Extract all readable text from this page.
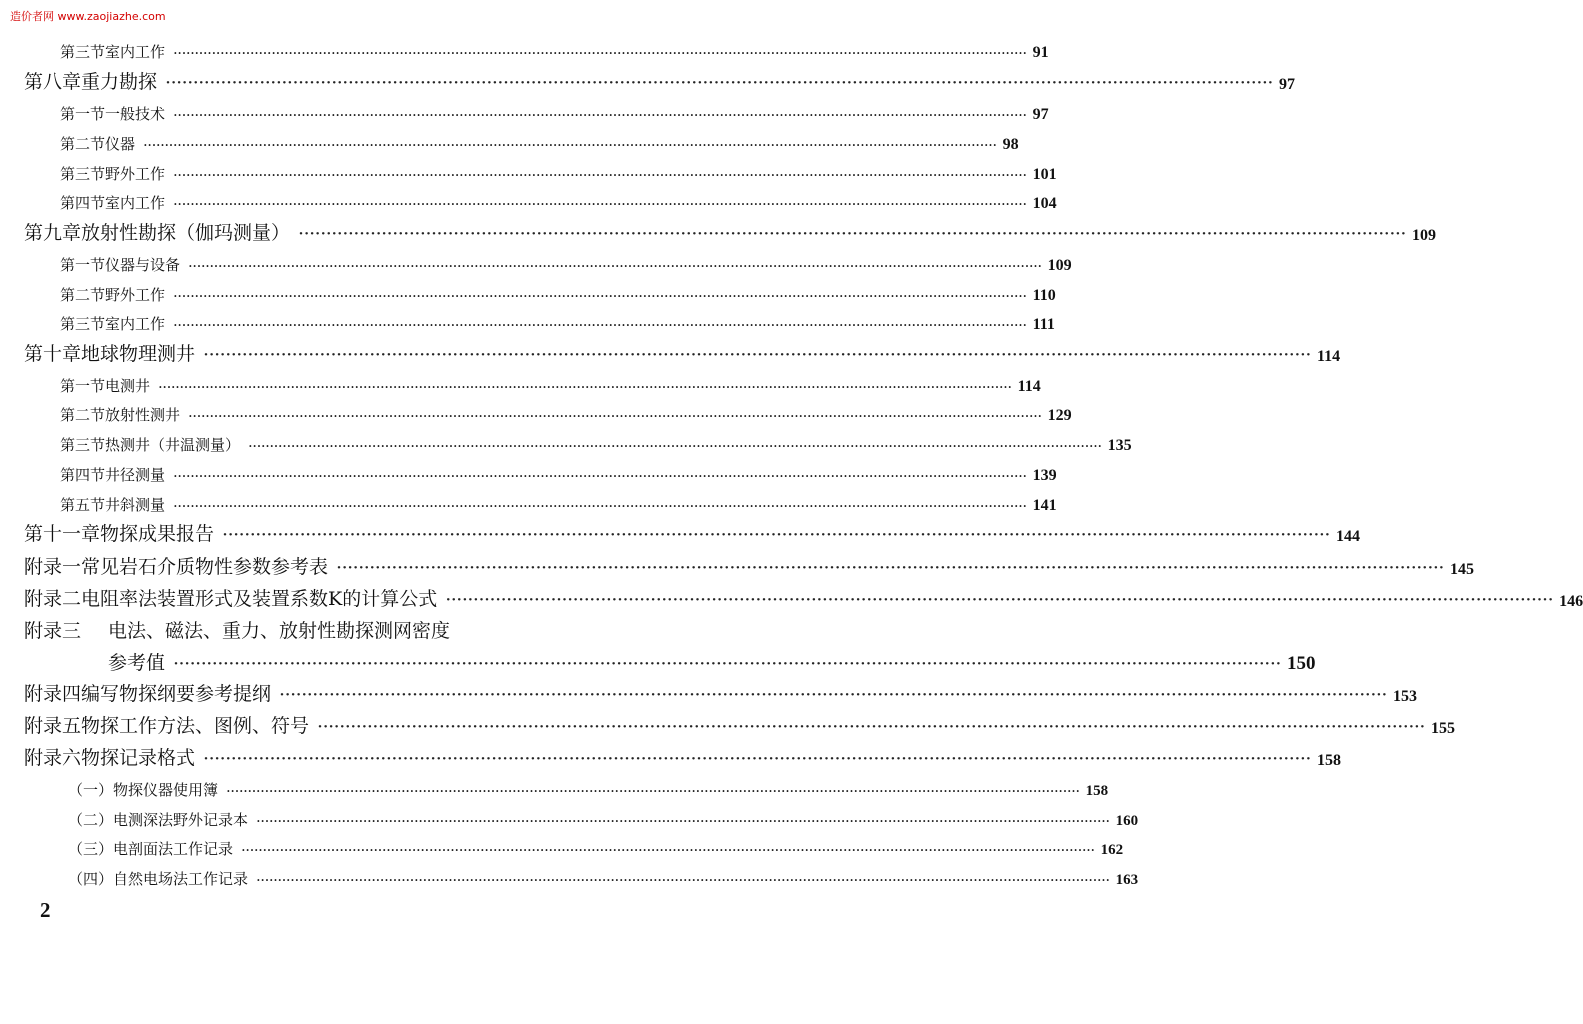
造价者网 www.zaojiazhe.com
第三节 室内工作 ········································································································································································································ 91
第八章 重力勘探 ········································································································································································································ 97
第一节 一般技术 ········································································································································································································ 97
第二节 仪器 ········································································································································································································ 98
第三节 野外工作 ········································································································································································································ 101
第四节 室内工作 ········································································································································································································ 104
第九章 放射性勘探（伽玛测量） ········································································································································································································ 109
第一节 仪器与设备 ········································································································································································································ 109
第二节 野外工作 ········································································································································································································ 110
第三节 室内工作 ········································································································································································································ 111
第十章 地球物理测井 ········································································································································································································ 114
第一节 电测井 ········································································································································································································ 114
第二节 放射性测井 ········································································································································································································ 129
第三节 热测井（井温测量） ········································································································································································································ 135
第四节 井径测量 ········································································································································································································ 139
第五节 井斜测量 ········································································································································································································ 141
第十一章 物探成果报告 ········································································································································································································ 144
附录一 常见岩石介质物性参数参考表 ········································································································································································································ 145
附录二 电阻率法装置形式及装置系数K的计算公式 ········································································································································································································ 146
附录三	电法、磁法、重力、放射性勘探测网密度
参考值 ········································································································································································································ 150
附录四 编写物探纲要参考提纲 ········································································································································································································ 153
附录五 物探工作方法、图例、符号 ········································································································································································································ 155
附录六 物探记录格式 ········································································································································································································ 158
（一） 物探仪器使用簿 ········································································································································································································ 158
（二） 电测深法野外记录本 ········································································································································································································ 160
（三） 电剖面法工作记录 ········································································································································································································ 162
（四） 自然电场法工作记录 ········································································································································································································ 163
2
